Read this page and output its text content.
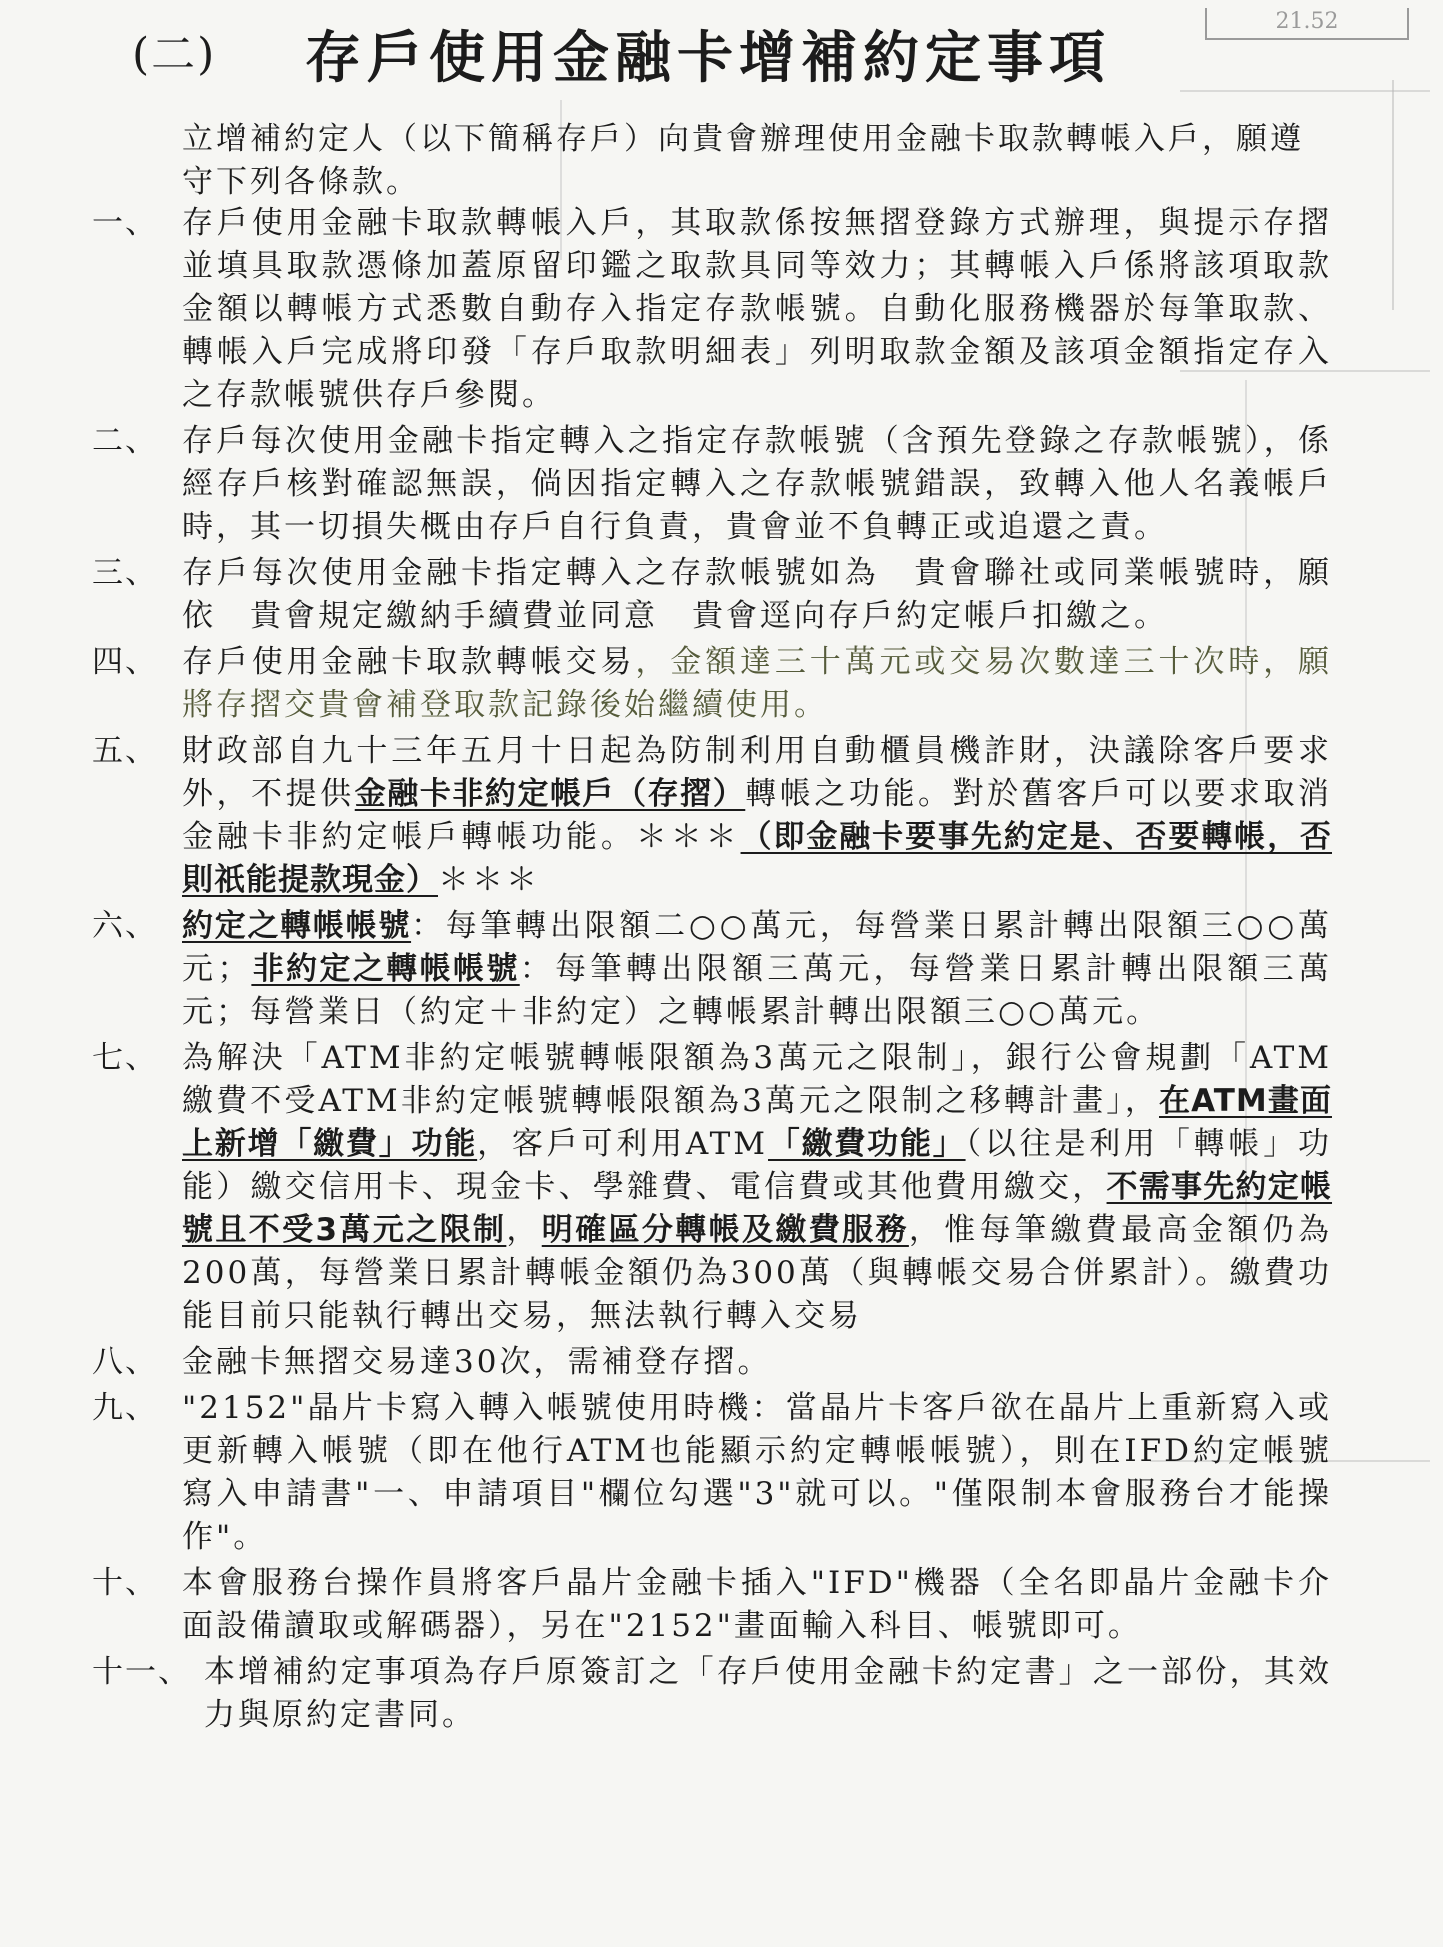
(二) 存戶使用金融卡增補約定事項
21.52
立增補約定人（以下簡稱存戶）向貴會辦理使用金融卡取款轉帳入戶，願遵守下列各條款。
一、 存戶使用金融卡取款轉帳入戶，其取款係按無摺登錄方式辦理，與提示存摺並填具取款憑條加蓋原留印鑑之取款具同等效力；其轉帳入戶係將該項取款金額以轉帳方式悉數自動存入指定存款帳號。自動化服務機器於每筆取款、轉帳入戶完成將印發「存戶取款明細表」列明取款金額及該項金額指定存入之存款帳號供存戶參閱。
二、 存戶每次使用金融卡指定轉入之指定存款帳號（含預先登錄之存款帳號），係經存戶核對確認無誤，倘因指定轉入之存款帳號錯誤，致轉入他人名義帳戶時，其一切損失概由存戶自行負責，貴會並不負轉正或追還之責。
三、 存戶每次使用金融卡指定轉入之存款帳號如為　貴會聯社或同業帳號時，願依　貴會規定繳納手續費並同意　貴會逕向存戶約定帳戶扣繳之。
四、 存戶使用金融卡取款轉帳交易，金額達三十萬元或交易次數達三十次時，願將存摺交貴會補登取款記錄後始繼續使用。
五、 財政部自九十三年五月十日起為防制利用自動櫃員機詐財，決議除客戶要求外，不提供金融卡非約定帳戶（存摺）轉帳之功能。對於舊客戶可以要求取消金融卡非約定帳戶轉帳功能。＊＊＊（即金融卡要事先約定是、否要轉帳，否則祇能提款現金）＊＊＊
六、 約定之轉帳帳號：每筆轉出限額二○○萬元，每營業日累計轉出限額三○○萬元；非約定之轉帳帳號：每筆轉出限額三萬元，每營業日累計轉出限額三萬元；每營業日（約定＋非約定）之轉帳累計轉出限額三○○萬元。
七、 為解決「ATM非約定帳號轉帳限額為3萬元之限制」，銀行公會規劃「ATM繳費不受ATM非約定帳號轉帳限額為3萬元之限制之移轉計畫」，在ATM畫面上新增「繳費」功能，客戶可利用ATM「繳費功能」（以往是利用「轉帳」功能）繳交信用卡、現金卡、學雜費、電信費或其他費用繳交，不需事先約定帳號且不受3萬元之限制，明確區分轉帳及繳費服務，惟每筆繳費最高金額仍為200萬，每營業日累計轉帳金額仍為300萬（與轉帳交易合併累計）。繳費功能目前只能執行轉出交易，無法執行轉入交易
八、 金融卡無摺交易達30次，需補登存摺。
九、 "2152"晶片卡寫入轉入帳號使用時機：當晶片卡客戶欲在晶片上重新寫入或更新轉入帳號（即在他行ATM也能顯示約定轉帳帳號），則在IFD約定帳號寫入申請書"一、申請項目"欄位勾選"3"就可以。"僅限制本會服務台才能操作"。
十、 本會服務台操作員將客戶晶片金融卡插入"IFD"機器（全名即晶片金融卡介面設備讀取或解碼器），另在"2152"畫面輸入科目、帳號即可。
十一、 本增補約定事項為存戶原簽訂之「存戶使用金融卡約定書」之一部份，其效力與原約定書同。
